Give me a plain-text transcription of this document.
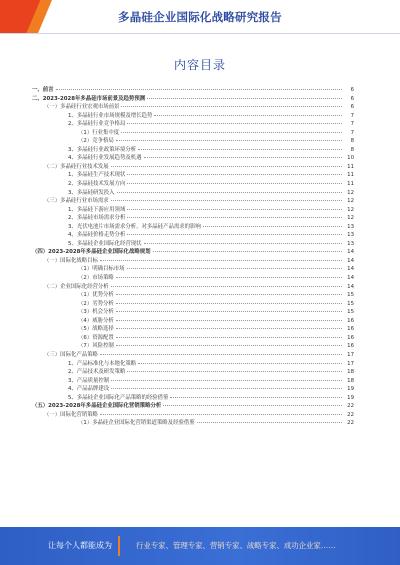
多晶硅企业国际化战略研究报告
内容目录
一、前言	6
二、2023-2028年多晶硅市场前景及趋势预测	6
（一）多晶硅行业宏观市场前景	6
1、多晶硅行业市场规模及增长趋势	7
2、多晶硅行业竞争格局	7
（1）行业集中度	7
（2）竞争格局	8
3、多晶硅行业政策环境分析	8
4、多晶硅行业发展趋势及机遇	10
（二）多晶硅行业技术发展	11
1、多晶硅生产技术现状	11
2、多晶硅技术发展方向	11
3、多晶硅研发投入	12
（三）多晶硅行业市场需求	12
1、多晶硅下游应用领域	12
2、多晶硅市场需求分析	12
3、光伏电池片市场需求分析，对多晶硅产品需求的影响	13
4、多晶硅价格走势分析	13
5、多晶硅企业国际化经营现状	13
（四）2023-2028年多晶硅企业国际化战略规划	14
（一）国际化战略目标	14
（1）明确目标市场	14
（2）市场策略	14
（二）企业国际化经营分析	14
（1）优势分析	15
（2）劣势分析	15
（3）机会分析	15
（4）威胁分析	16
（5）战略选择	16
（6）资源配置	16
（7）风险控制	16
（三）国际化产品策略	17
1、产品标准化与本地化策略	17
2、产品技术及研发策略	18
3、产品质量控制	18
4、产品品牌建设	19
5、多晶硅企业国际化产品策略的经验借鉴	19
（五）2023-2028年多晶硅企业国际化营销策略分析	22
（一）国际化营销策略	22
（1）多晶硅企业国际化营销渠道策略及经验借鉴	22
让每个人都能成为	行业专家、管理专家、营销专家、战略专家、成功企业家……
